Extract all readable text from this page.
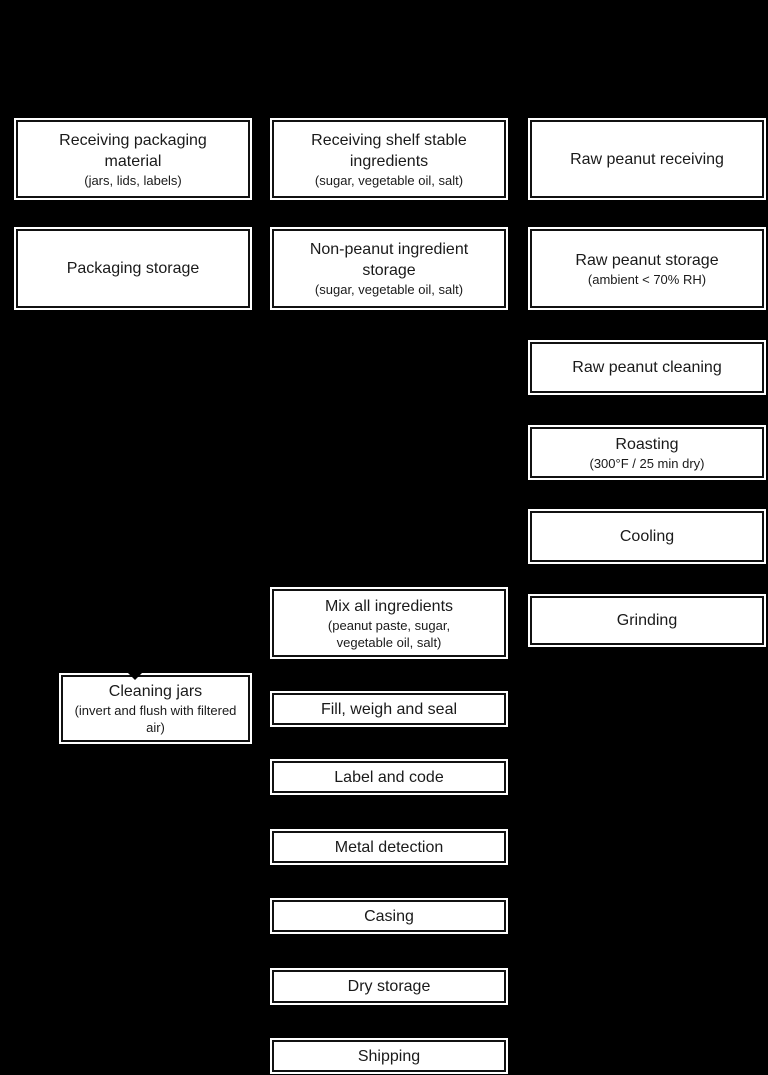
Receiving packaging material
(jars, lids, labels)
Packaging storage
Cleaning jars
(invert and flush with filtered air)
Receiving shelf stable ingredients
(sugar, vegetable oil, salt)
Non-peanut ingredient storage
(sugar, vegetable oil, salt)
Mix all ingredients
(peanut paste, sugar, vegetable oil, salt)
Fill, weigh and seal
Label and code
Metal detection
Casing
Dry storage
Shipping
Raw peanut receiving
Raw peanut storage
(ambient < 70% RH)
Raw peanut cleaning
Roasting
(300°F / 25 min dry)
Cooling
Grinding
